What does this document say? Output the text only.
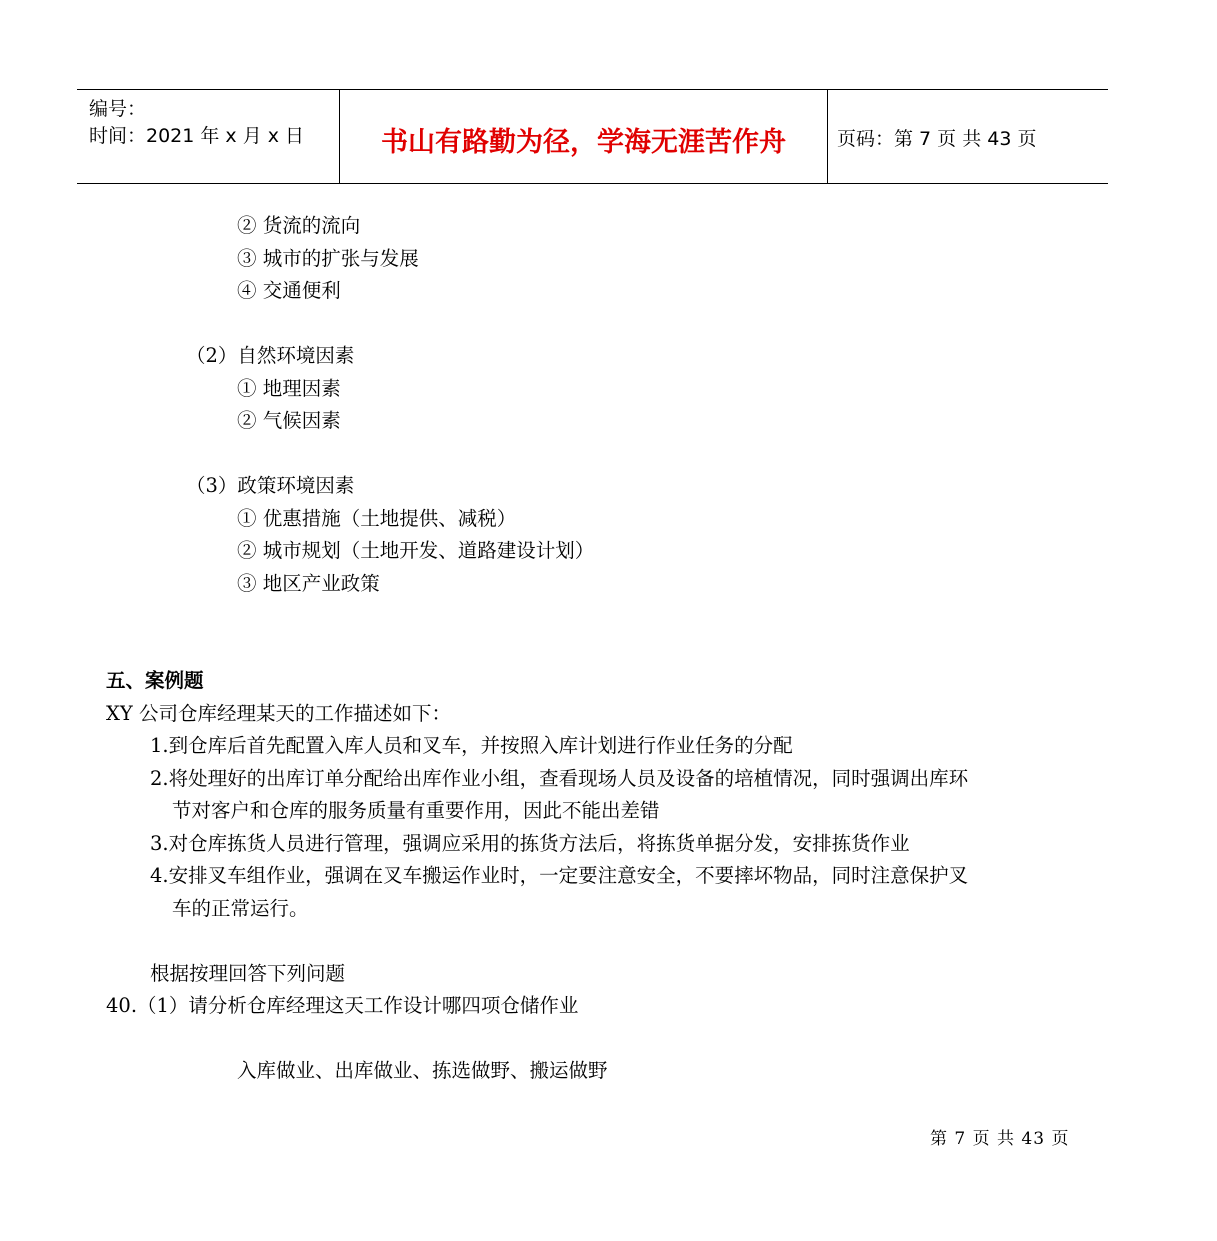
编号：
时间：2021 年 x 月 x 日	书山有路勤为径，学海无涯苦作舟	页码：第 7 页 共 43 页
② 货流的流向
③ 城市的扩张与发展
④ 交通便利
（2）自然环境因素
① 地理因素
② 气候因素
（3）政策环境因素
① 优惠措施（土地提供、减税）
② 城市规划（土地开发、道路建设计划）
③ 地区产业政策
五、案例题
XY 公司仓库经理某天的工作描述如下：
1.到仓库后首先配置入库人员和叉车，并按照入库计划进行作业任务的分配
2.将处理好的出库订单分配给出库作业小组，查看现场人员及设备的培植情况，同时强调出库环
节对客户和仓库的服务质量有重要作用，因此不能出差错
3.对仓库拣货人员进行管理，强调应采用的拣货方法后，将拣货单据分发，安排拣货作业
4.安排叉车组作业，强调在叉车搬运作业时，一定要注意安全，不要摔坏物品，同时注意保护叉
车的正常运行。
根据按理回答下列问题
40.（1）请分析仓库经理这天工作设计哪四项仓储作业
入库做业、出库做业、拣选做野、搬运做野
第 7 页 共 43 页
